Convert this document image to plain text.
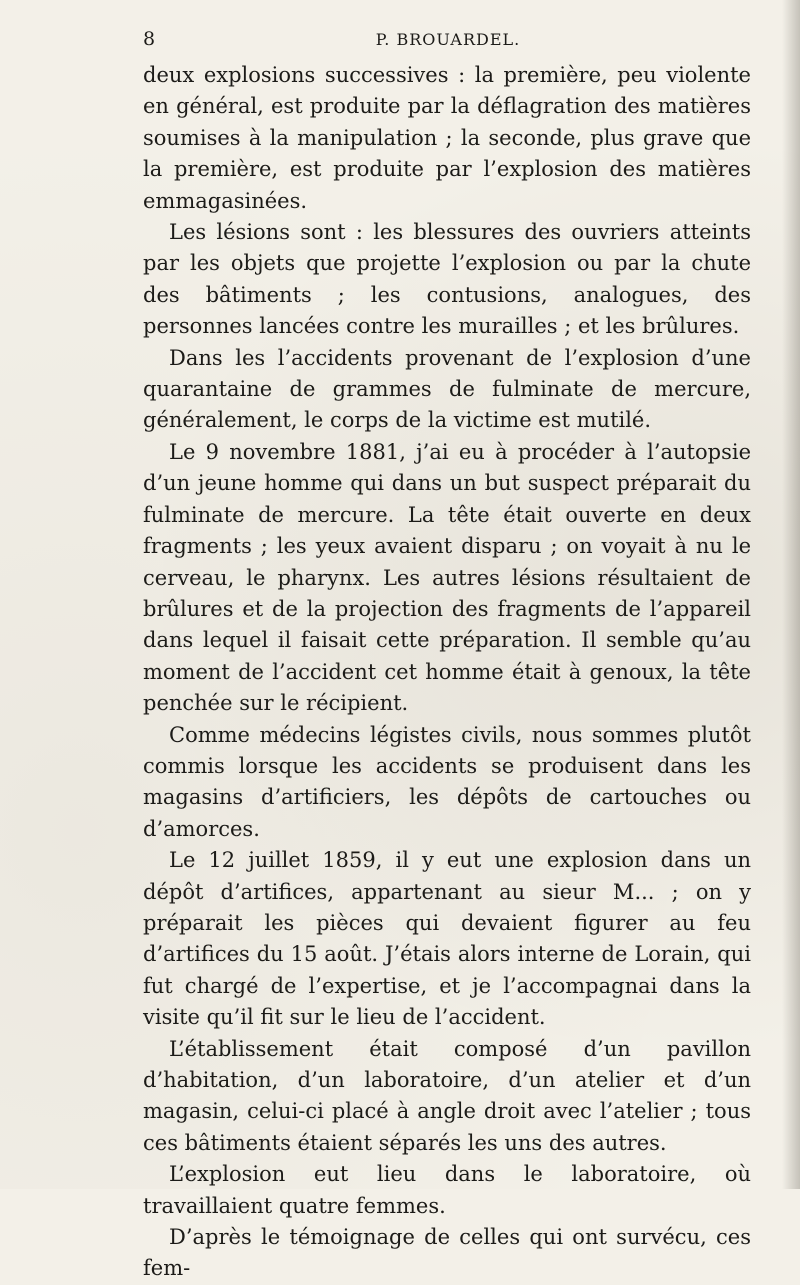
8	P. BROUARDEL.

deux explosions successives : la première, peu violente en général, est produite par la déflagration des matières soumises à la manipulation ; la seconde, plus grave que la première, est produite par l’explosion des matières emmagasinées.

Les lésions sont : les blessures des ouvriers atteints par les objets que projette l’explosion ou par la chute des bâtiments ; les contusions, analogues, des personnes lancées contre les murailles ; et les brûlures.

Dans les l’accidents provenant de l’explosion d’une quarantaine de grammes de fulminate de mercure, généralement, le corps de la victime est mutilé.

Le 9 novembre 1881, j’ai eu à procéder à l’autopsie d’un jeune homme qui dans un but suspect préparait du fulminate de mercure. La tête était ouverte en deux fragments ; les yeux avaient disparu ; on voyait à nu le cerveau, le pharynx. Les autres lésions résultaient de brûlures et de la projection des fragments de l’appareil dans lequel il faisait cette préparation. Il semble qu’au moment de l’accident cet homme était à genoux, la tête penchée sur le récipient.

Comme médecins légistes civils, nous sommes plutôt commis lorsque les accidents se produisent dans les magasins d’artificiers, les dépôts de cartouches ou d’amorces.

Le 12 juillet 1859, il y eut une explosion dans un dépôt d’artifices, appartenant au sieur M... ; on y préparait les pièces qui devaient figurer au feu d’artifices du 15 août. J’étais alors interne de Lorain, qui fut chargé de l’expertise, et je l’accompagnai dans la visite qu’il fit sur le lieu de l’accident.

L’établissement était composé d’un pavillon d’habitation, d’un laboratoire, d’un atelier et d’un magasin, celui-ci placé à angle droit avec l’atelier ; tous ces bâtiments étaient séparés les uns des autres.

L’explosion eut lieu dans le laboratoire, où travaillaient quatre femmes.

D’après le témoignage de celles qui ont survécu, ces fem-
